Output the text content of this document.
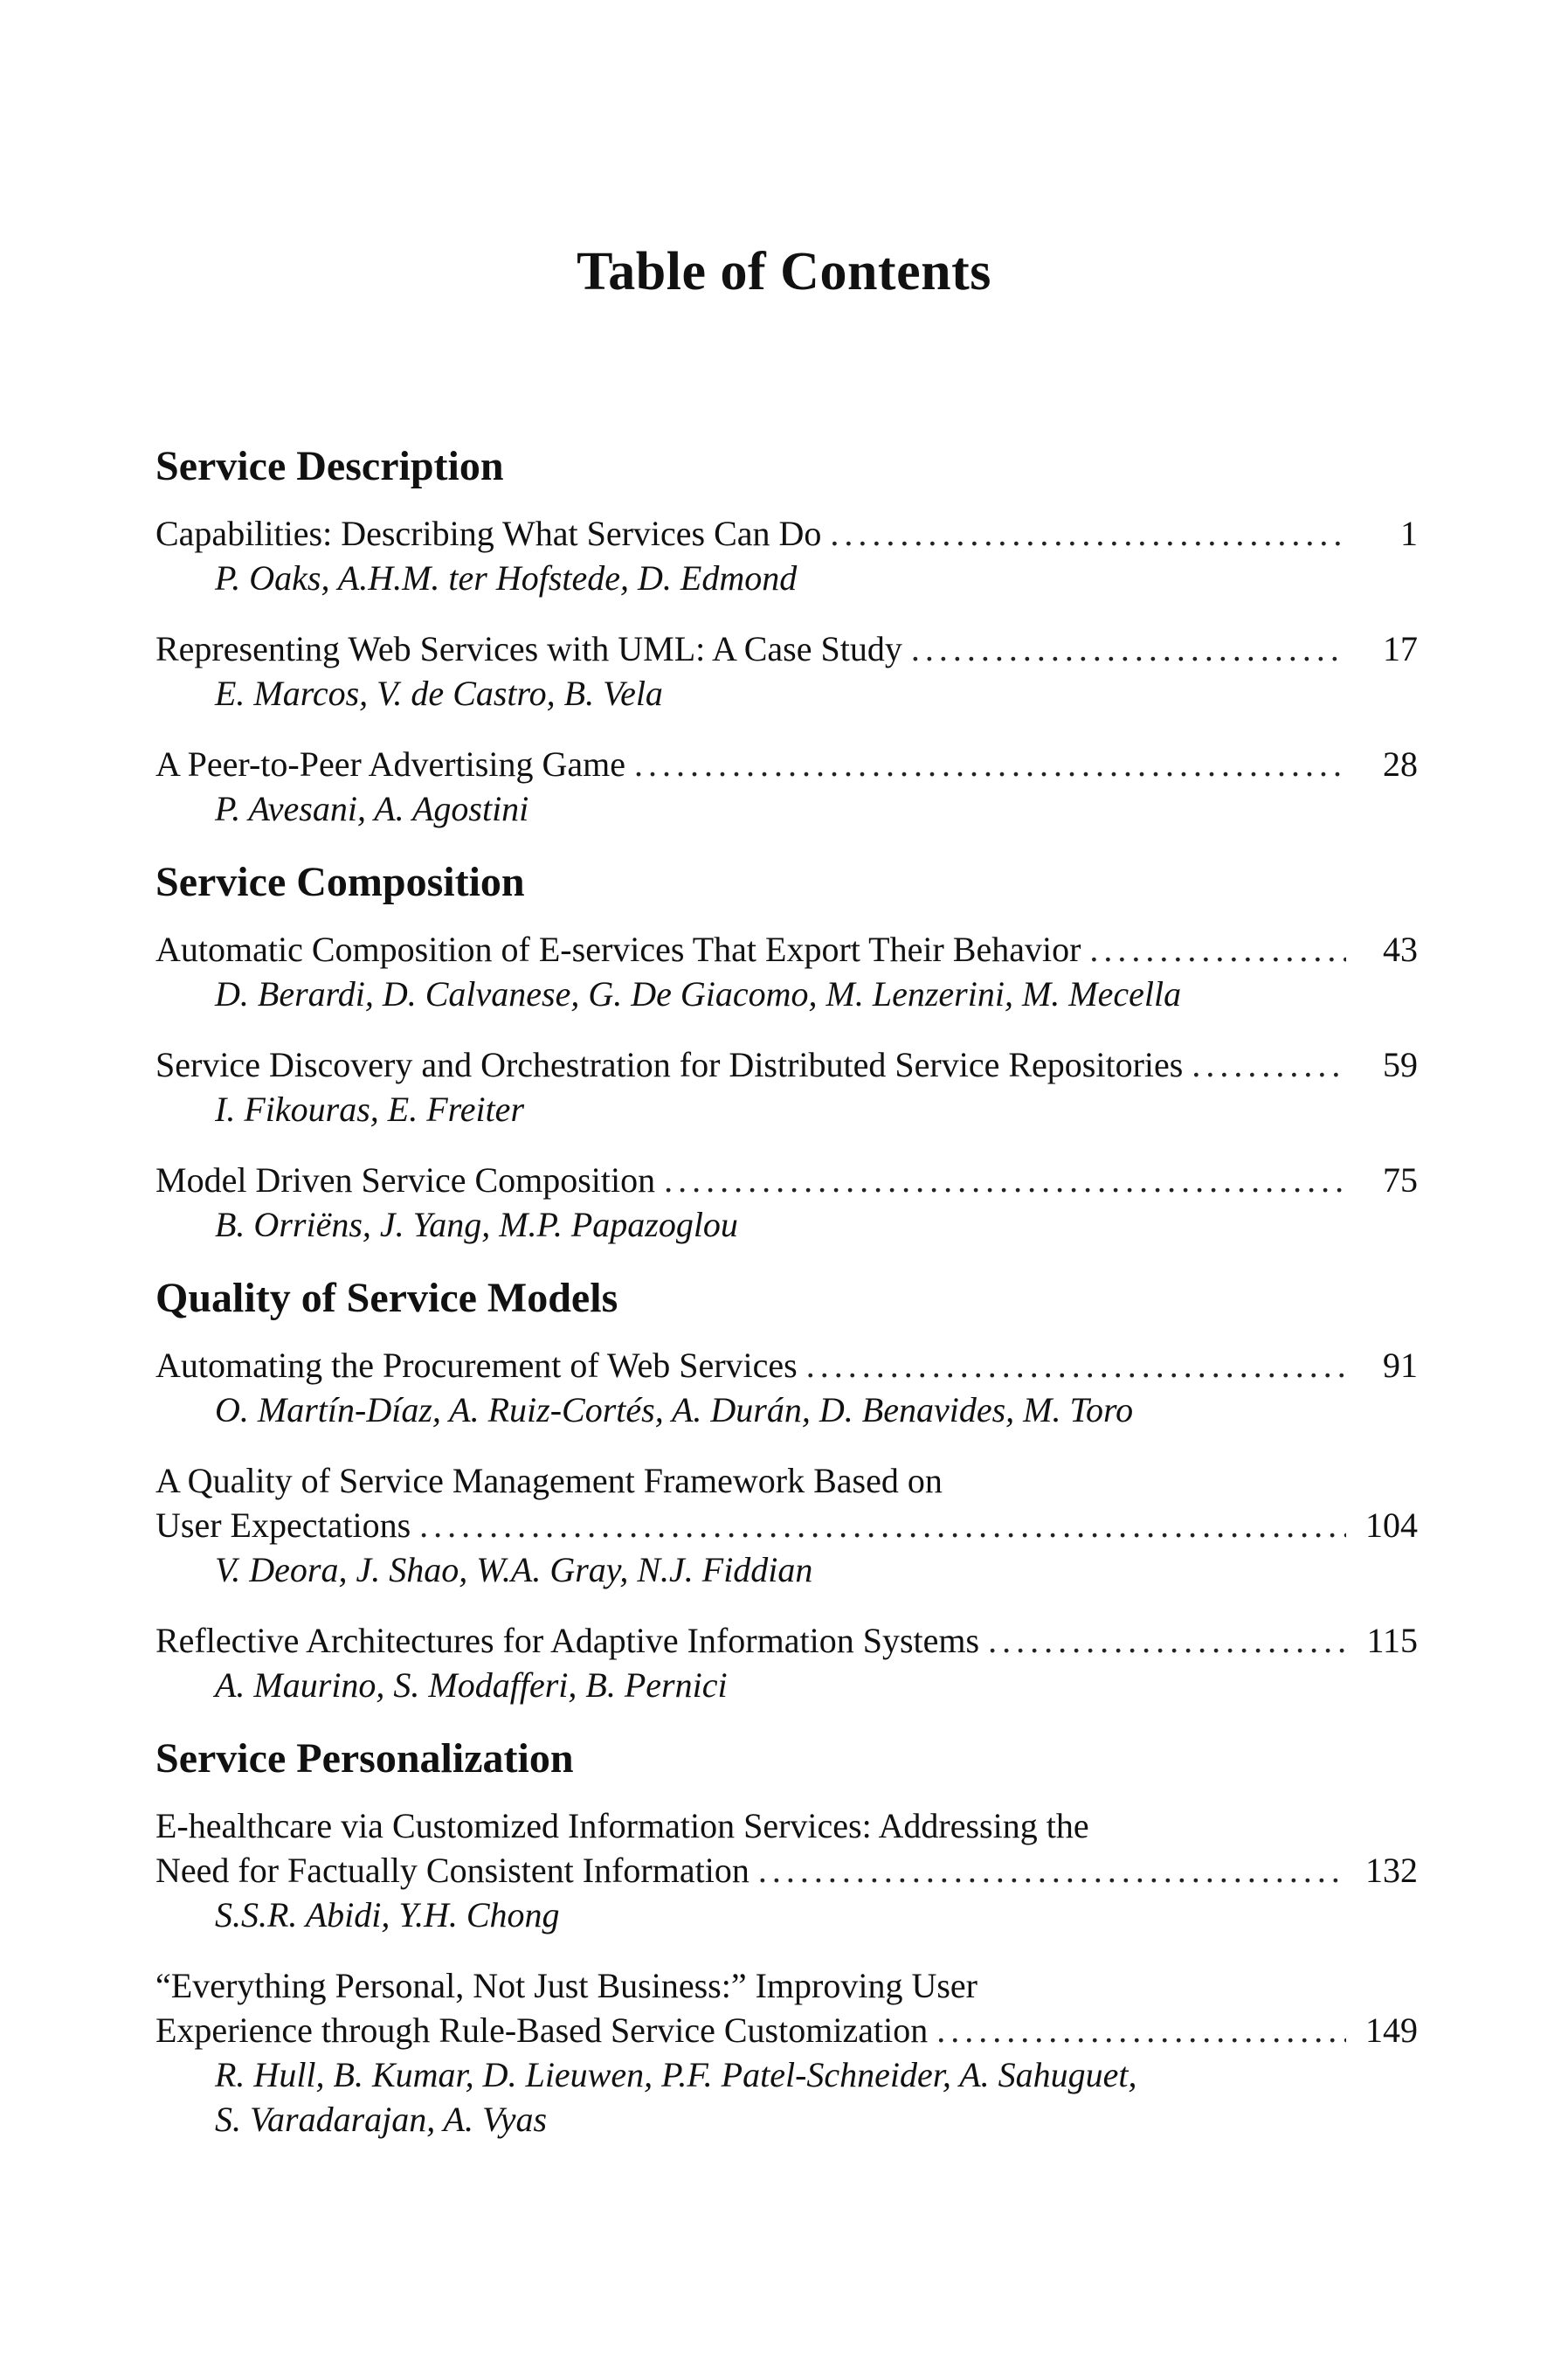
Table of Contents
Service Description
Capabilities: Describing What Services Can Do . . .	1
P. Oaks, A.H.M. ter Hofstede, D. Edmond
Representing Web Services with UML: A Case Study . . .	17
E. Marcos, V. de Castro, B. Vela
A Peer-to-Peer Advertising Game . . .	28
P. Avesani, A. Agostini
Service Composition
Automatic Composition of E-services That Export Their Behavior . . .	43
D. Berardi, D. Calvanese, G. De Giacomo, M. Lenzerini, M. Mecella
Service Discovery and Orchestration for Distributed Service Repositories . . .	59
I. Fikouras, E. Freiter
Model Driven Service Composition . . .	75
B. Orriëns, J. Yang, M.P. Papazoglou
Quality of Service Models
Automating the Procurement of Web Services . . .	91
O. Martín-Díaz, A. Ruiz-Cortés, A. Durán, D. Benavides, M. Toro
A Quality of Service Management Framework Based on
User Expectations . . .	104
V. Deora, J. Shao, W.A. Gray, N.J. Fiddian
Reflective Architectures for Adaptive Information Systems . . .	115
A. Maurino, S. Modafferi, B. Pernici
Service Personalization
E-healthcare via Customized Information Services: Addressing the
Need for Factually Consistent Information . . .	132
S.S.R. Abidi, Y.H. Chong
“Everything Personal, Not Just Business:” Improving User
Experience through Rule-Based Service Customization . . .	149
R. Hull, B. Kumar, D. Lieuwen, P.F. Patel-Schneider, A. Sahuguet,
S. Varadarajan, A. Vyas
